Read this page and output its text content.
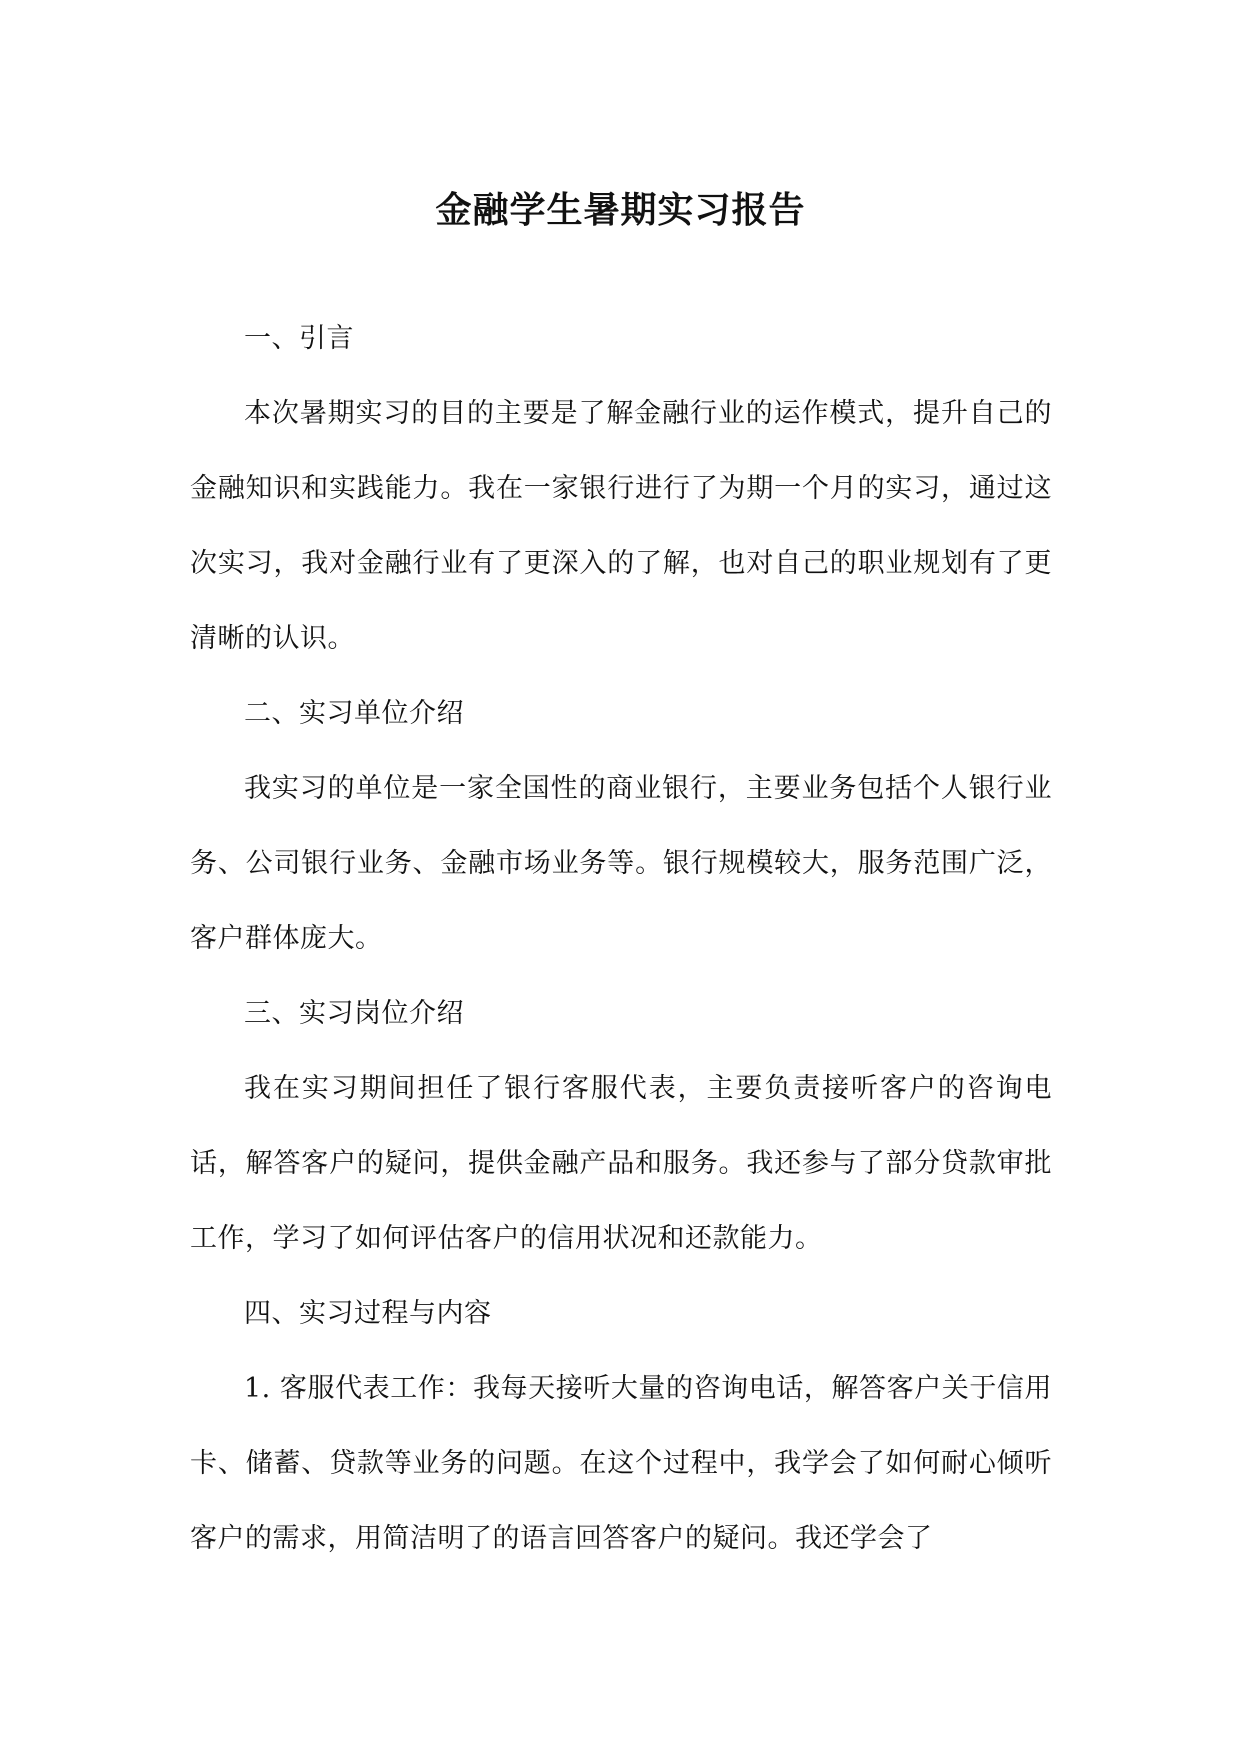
金融学生暑期实习报告

一、引言

本次暑期实习的目的主要是了解金融行业的运作模式，提升自己的金融知识和实践能力。我在一家银行进行了为期一个月的实习，通过这次实习，我对金融行业有了更深入的了解，也对自己的职业规划有了更清晰的认识。

二、实习单位介绍

我实习的单位是一家全国性的商业银行，主要业务包括个人银行业务、公司银行业务、金融市场业务等。银行规模较大，服务范围广泛，客户群体庞大。

三、实习岗位介绍

我在实习期间担任了银行客服代表，主要负责接听客户的咨询电话，解答客户的疑问，提供金融产品和服务。我还参与了部分贷款审批工作，学习了如何评估客户的信用状况和还款能力。

四、实习过程与内容

1. 客服代表工作：我每天接听大量的咨询电话，解答客户关于信用卡、储蓄、贷款等业务的问题。在这个过程中，我学会了如何耐心倾听客户的需求，用简洁明了的语言回答客户的疑问。我还学会了
